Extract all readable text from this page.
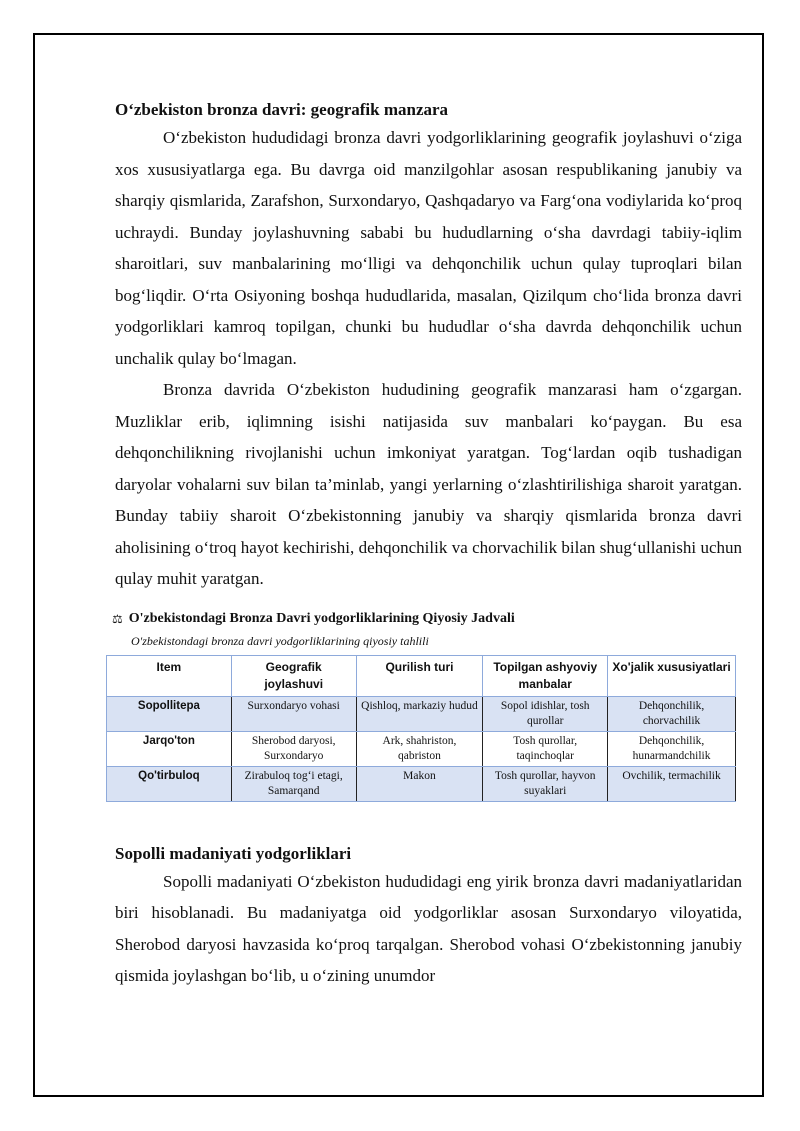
O‘zbekiston bronza davri: geografik manzara

O‘zbekiston hududidagi bronza davri yodgorliklarining geografik joylashuvi o‘ziga xos xususiyatlarga ega. Bu davrga oid manzilgohlar asosan respublikaning janubiy va sharqiy qismlarida, Zarafshon, Surxondaryo, Qashqadaryo va Farg‘ona vodiylarida ko‘proq uchraydi. Bunday joylashuvning sababi bu hududlarning o‘sha davrdagi tabiiy-iqlim sharoitlari, suv manbalarining mo‘lligi va dehqonchilik uchun qulay tuproqlari bilan bog‘liqdir. O‘rta Osiyoning boshqa hududlarida, masalan, Qizilqum cho‘lida bronza davri yodgorliklari kamroq topilgan, chunki bu hududlar o‘sha davrda dehqonchilik uchun unchalik qulay bo‘lmagan.

Bronza davrida O‘zbekiston hududining geografik manzarasi ham o‘zgargan. Muzliklar erib, iqlimning isishi natijasida suv manbalari ko‘paygan. Bu esa dehqonchilikning rivojlanishi uchun imkoniyat yaratgan. Tog‘lardan oqib tushadigan daryolar vohalarni suv bilan ta’minlab, yangi yerlarning o‘zlashtirilishiga sharoit yaratgan. Bunday tabiiy sharoit O‘zbekistonning janubiy va sharqiy qismlarida bronza davri aholisining o‘troq hayot kechirishi, dehqonchilik va chorvachilik bilan shug‘ullanishi uchun qulay muhit yaratgan.

⚖ O'zbekistondagi Bronza Davri yodgorliklarining Qiyosiy Jadvali
O'zbekistondagi bronza davri yodgorliklarining qiyosiy tahlili
Item	Geografik joylashuvi	Qurilish turi	Topilgan ashyoviy manbalar	Xo'jalik xususiyatlari
Sopollitepa	Surxondaryo vohasi	Qishloq, markaziy hudud	Sopol idishlar, tosh qurollar	Dehqonchilik, chorvachilik
Jarqo'ton	Sherobod daryosi, Surxondaryo	Ark, shahriston, qabriston	Tosh qurollar, taqinchoqlar	Dehqonchilik, hunarmandchilik
Qo'tirbuloq	Zirabuloq tog‘i etagi, Samarqand	Makon	Tosh qurollar, hayvon suyaklari	Ovchilik, termachilik
Sopolli madaniyati yodgorliklari

Sopolli madaniyati O‘zbekiston hududidagi eng yirik bronza davri madaniyatlaridan biri hisoblanadi. Bu madaniyatga oid yodgorliklar asosan Surxondaryo viloyatida, Sherobod daryosi havzasida ko‘proq tarqalgan. Sherobod vohasi O‘zbekistonning janubiy qismida joylashgan bo‘lib, u o‘zining unumdor
